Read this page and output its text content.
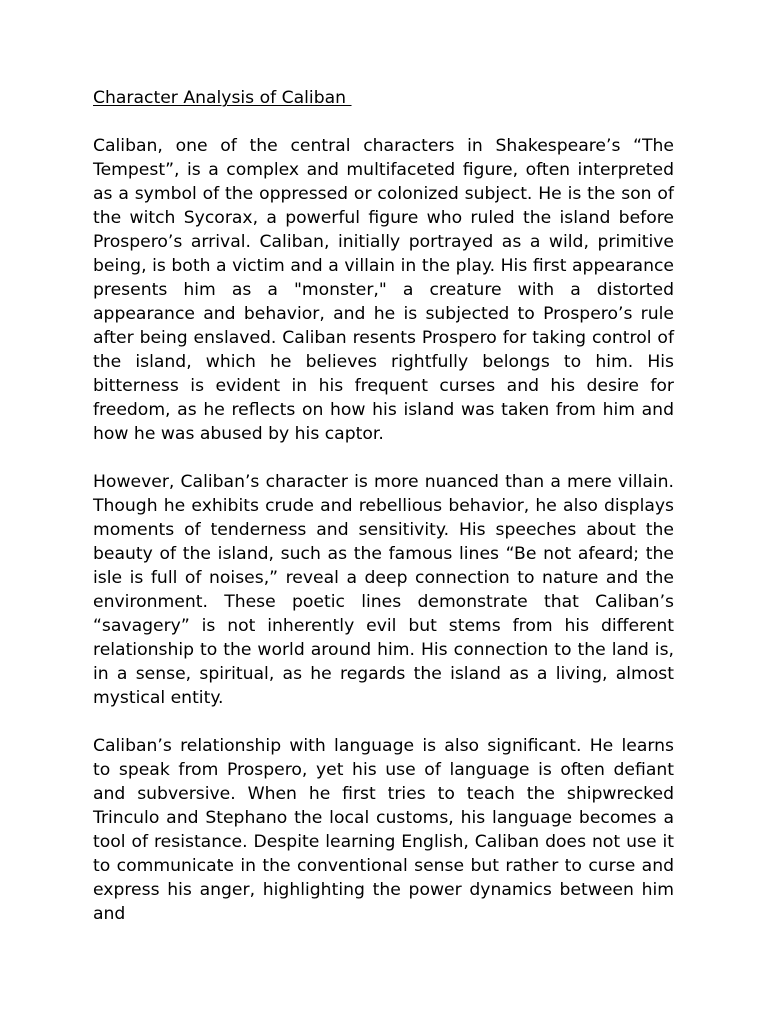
Character Analysis of Caliban

Caliban, one of the central characters in Shakespeare’s “The Tempest”, is a complex and multifaceted figure, often interpreted as a symbol of the oppressed or colonized subject. He is the son of the witch Sycorax, a powerful figure who ruled the island before Prospero’s arrival. Caliban, initially portrayed as a wild, primitive being, is both a victim and a villain in the play. His first appearance presents him as a "monster," a creature with a distorted appearance and behavior, and he is subjected to Prospero’s rule after being enslaved. Caliban resents Prospero for taking control of the island, which he believes rightfully belongs to him. His bitterness is evident in his frequent curses and his desire for freedom, as he reflects on how his island was taken from him and how he was abused by his captor.

However, Caliban’s character is more nuanced than a mere villain. Though he exhibits crude and rebellious behavior, he also displays moments of tenderness and sensitivity. His speeches about the beauty of the island, such as the famous lines “Be not afeard; the isle is full of noises,” reveal a deep connection to nature and the environment. These poetic lines demonstrate that Caliban’s “savagery” is not inherently evil but stems from his different relationship to the world around him. His connection to the land is, in a sense, spiritual, as he regards the island as a living, almost mystical entity.

Caliban’s relationship with language is also significant. He learns to speak from Prospero, yet his use of language is often defiant and subversive. When he first tries to teach the shipwrecked Trinculo and Stephano the local customs, his language becomes a tool of resistance. Despite learning English, Caliban does not use it to communicate in the conventional sense but rather to curse and express his anger, highlighting the power dynamics between him and
